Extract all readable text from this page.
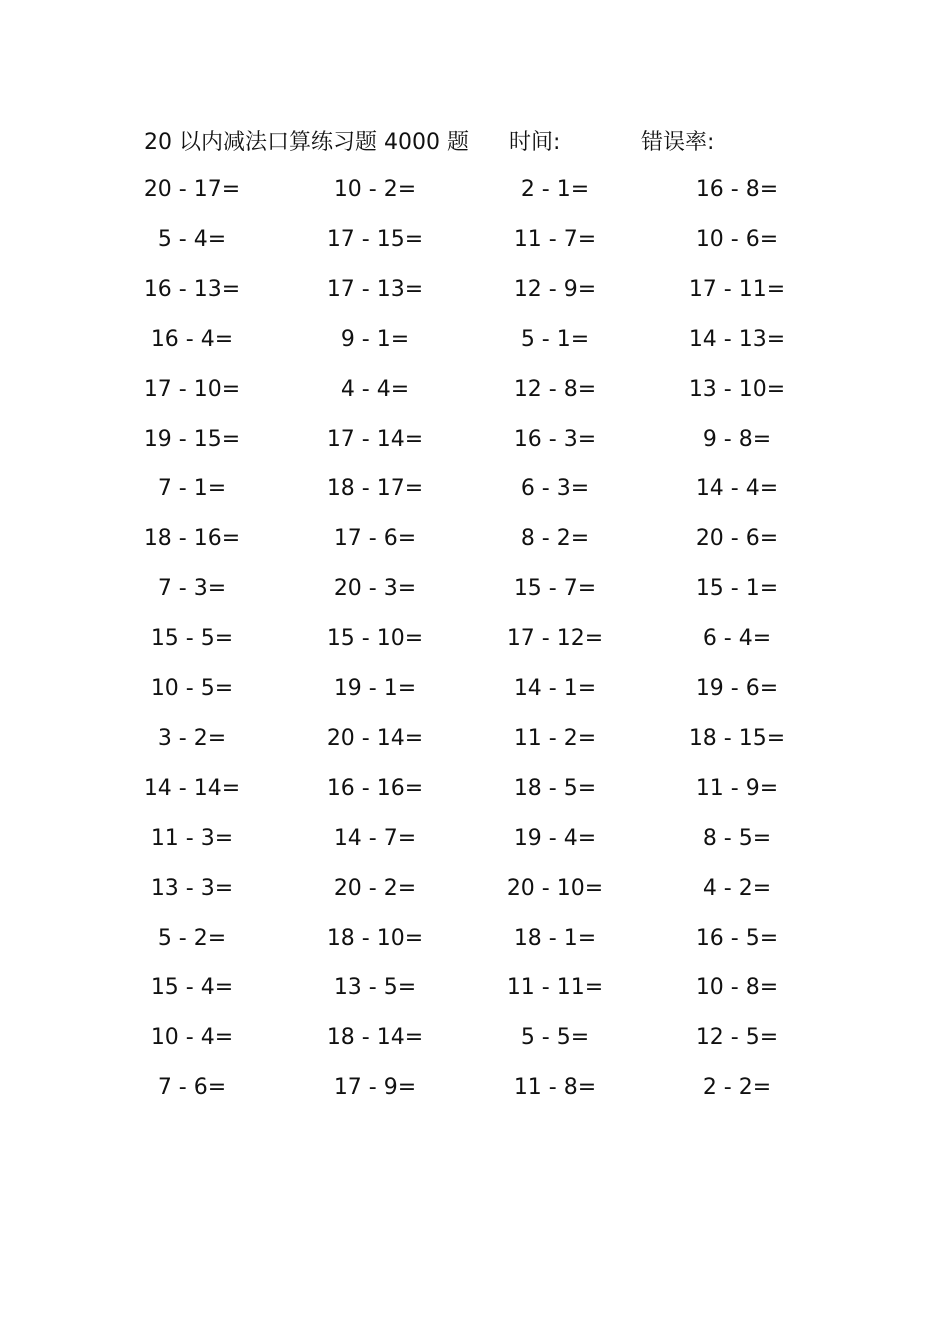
20 以内减法口算练习题 4000 题 时间:	错误率:
20 - 17=	10 - 2=	2 - 1=	16 - 8=
5 - 4=	17 - 15=	11 - 7=	10 - 6=
16 - 13=	17 - 13=	12 - 9=	17 - 11=
16 - 4=	9 - 1=	5 - 1=	14 - 13=
17 - 10=	4 - 4=	12 - 8=	13 - 10=
19 - 15=	17 - 14=	16 - 3=	9 - 8=
7 - 1=	18 - 17=	6 - 3=	14 - 4=
18 - 16=	17 - 6=	8 - 2=	20 - 6=
7 - 3=	20 - 3=	15 - 7=	15 - 1=
15 - 5=	15 - 10=	17 - 12=	6 - 4=
10 - 5=	19 - 1=	14 - 1=	19 - 6=
3 - 2=	20 - 14=	11 - 2=	18 - 15=
14 - 14=	16 - 16=	18 - 5=	11 - 9=
11 - 3=	14 - 7=	19 - 4=	8 - 5=
13 - 3=	20 - 2=	20 - 10=	4 - 2=
5 - 2=	18 - 10=	18 - 1=	16 - 5=
15 - 4=	13 - 5=	11 - 11=	10 - 8=
10 - 4=	18 - 14=	5 - 5=	12 - 5=
7 - 6=	17 - 9=	11 - 8=	2 - 2=
